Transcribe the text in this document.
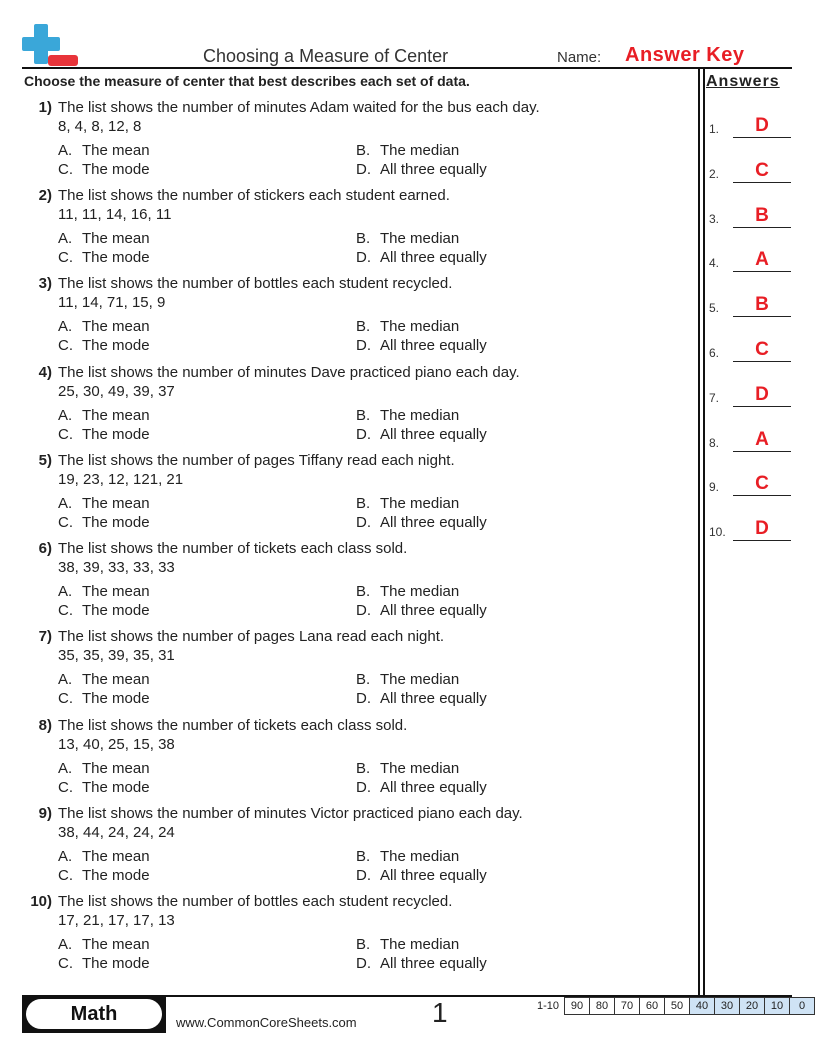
Choosing a Measure of Center	Name: Answer Key
Choose the measure of center that best describes each set of data.	Answers
1) The list shows the number of minutes Adam waited for the bus each day.
8, 4, 8, 12, 8
A. The mean	B. The median
C. The mode	D. All three equally
2) The list shows the number of stickers each student earned.
11, 11, 14, 16, 11
A. The mean	B. The median
C. The mode	D. All three equally
3) The list shows the number of bottles each student recycled.
11, 14, 71, 15, 9
A. The mean	B. The median
C. The mode	D. All three equally
4) The list shows the number of minutes Dave practiced piano each day.
25, 30, 49, 39, 37
A. The mean	B. The median
C. The mode	D. All three equally
5) The list shows the number of pages Tiffany read each night.
19, 23, 12, 121, 21
A. The mean	B. The median
C. The mode	D. All three equally
6) The list shows the number of tickets each class sold.
38, 39, 33, 33, 33
A. The mean	B. The median
C. The mode	D. All three equally
7) The list shows the number of pages Lana read each night.
35, 35, 39, 35, 31
A. The mean	B. The median
C. The mode	D. All three equally
8) The list shows the number of tickets each class sold.
13, 40, 25, 15, 38
A. The mean	B. The median
C. The mode	D. All three equally
9) The list shows the number of minutes Victor practiced piano each day.
38, 44, 24, 24, 24
A. The mean	B. The median
C. The mode	D. All three equally
10) The list shows the number of bottles each student recycled.
17, 21, 17, 17, 13
A. The mean	B. The median
C. The mode	D. All three equally
1.	D
2.	C
3.	B
4.	A
5.	B
6.	C
7.	D
8.	A
9.	C
10.	D
Math	www.CommonCoreSheets.com	1	1-10	90	80	70	60	50	40	30	20	10	0
